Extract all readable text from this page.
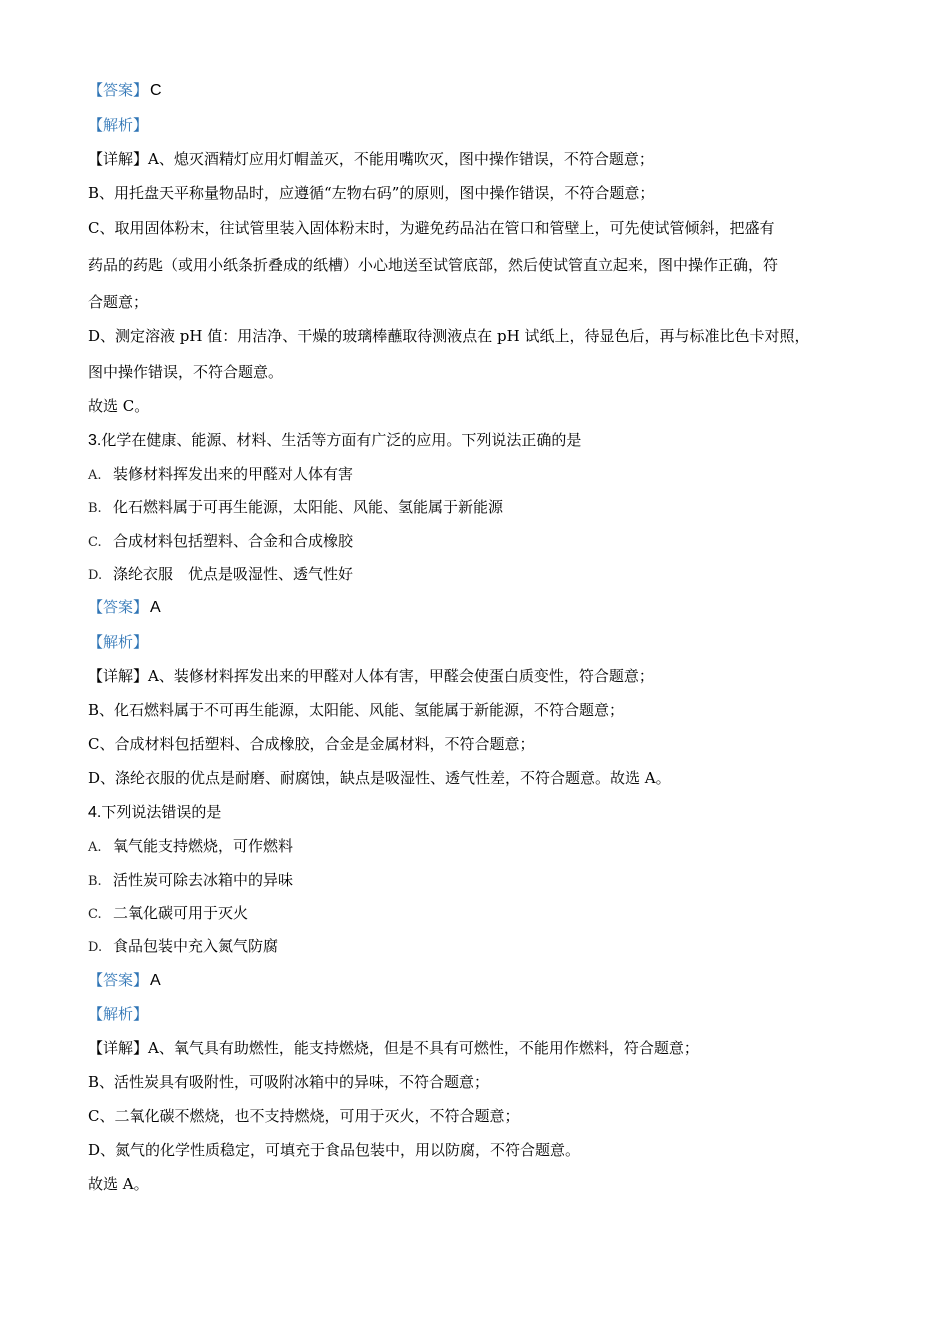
【答案】 C
【解析】
【详解】A、熄灭酒精灯应用灯帽盖灭，不能用嘴吹灭，图中操作错误，不符合题意；
B、用托盘天平称量物品时，应遵循“左物右码”的原则，图中操作错误，不符合题意；
C、取用固体粉末，往试管里装入固体粉末时，为避免药品沾在管口和管壁上，可先使试管倾斜，把盛有
药品的药匙（或用小纸条折叠成的纸槽）小心地送至试管底部，然后使试管直立起来，图中操作正确，符
合题意；
D、测定溶液 pH 值：用洁净、干燥的玻璃棒蘸取待测液点在 pH 试纸上，待显色后，再与标准比色卡对照，
图中操作错误，不符合题意。
故选 C。
3.化学在健康、能源、材料、生活等方面有广泛的应用。下列说法正确的是
A. 装修材料挥发出来的甲醛对人体有害
B. 化石燃料属于可再生能源，太阳能、风能、氢能属于新能源
C. 合成材料包括塑料、合金和合成橡胶
D. 涤纶衣服　优点是吸湿性、透气性好
【答案】 A
【解析】
【详解】A、装修材料挥发出来的甲醛对人体有害，甲醛会使蛋白质变性，符合题意；
B、化石燃料属于不可再生能源，太阳能、风能、氢能属于新能源，不符合题意；
C、合成材料包括塑料、合成橡胶，合金是金属材料，不符合题意；
D、涤纶衣服的优点是耐磨、耐腐蚀，缺点是吸湿性、透气性差，不符合题意。故选 A。
4.下列说法错误的是
A. 氧气能支持燃烧，可作燃料
B. 活性炭可除去冰箱中的异味
C. 二氧化碳可用于灭火
D. 食品包装中充入氮气防腐
【答案】 A
【解析】
【详解】A、氧气具有助燃性，能支持燃烧，但是不具有可燃性，不能用作燃料，符合题意；
B、活性炭具有吸附性，可吸附冰箱中的异味，不符合题意；
C、二氧化碳不燃烧，也不支持燃烧，可用于灭火，不符合题意；
D、氮气的化学性质稳定，可填充于食品包装中，用以防腐，不符合题意。
故选 A。
